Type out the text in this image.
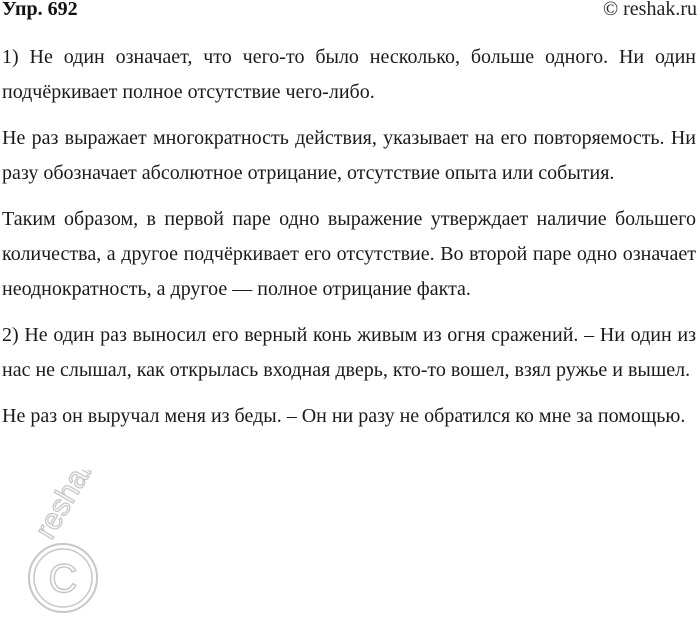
Упр. 692	© reshak.ru

1) Не один означает, что чего-то было несколько, больше одного. Ни один подчёркивает полное отсутствие чего-либо.

Не раз выражает многократность действия, указывает на его повторяемость. Ни разу обозначает абсолютное отрицание, отсутствие опыта или события.

Таким образом, в первой паре одно выражение утверждает наличие большего количества, а другое подчёркивает его отсутствие. Во второй паре одно означает неоднократность, а другое — полное отрицание факта.

2) Не один раз выносил его верный конь живым из огня сражений. – Ни один из нас не слышал, как открылась входная дверь, кто-то вошел, взял ружье и вышел.

Не раз он выручал меня из беды. – Он ни разу не обратился ко мне за помощью.

C
reshak.ru
